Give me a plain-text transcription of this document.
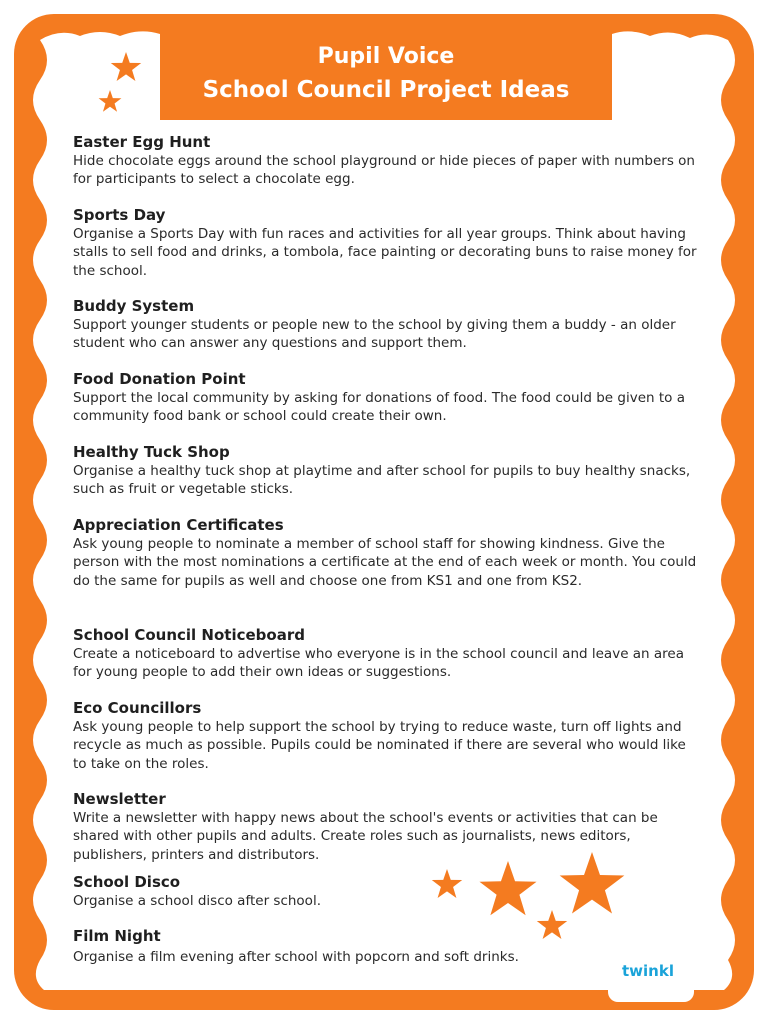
Pupil Voice
School Council Project Ideas

Easter Egg Hunt

Hide chocolate eggs around the school playground or hide pieces of paper with numbers on for participants to select a chocolate egg.

Sports Day

Organise a Sports Day with fun races and activities for all year groups. Think about having stalls to sell food and drinks, a tombola, face painting or decorating buns to raise money for the school.

Buddy System

Support younger students or people new to the school by giving them a buddy - an older student who can answer any questions and support them.

Food Donation Point

Support the local community by asking for donations of food. The food could be given to a community food bank or school could create their own.

Healthy Tuck Shop

Organise a healthy tuck shop at playtime and after school for pupils to buy healthy snacks, such as fruit or vegetable sticks.

Appreciation Certificates

Ask young people to nominate a member of school staff for showing kindness. Give the person with the most nominations a certificate at the end of each week or month. You could do the same for pupils as well and choose one from KS1 and one from KS2.

School Council Noticeboard

Create a noticeboard to advertise who everyone is in the school council and leave an area for young people to add their own ideas or suggestions.

Eco Councillors

Ask young people to help support the school by trying to reduce waste, turn off lights and recycle as much as possible. Pupils could be nominated if there are several who would like to take on the roles.

Newsletter

Write a newsletter with happy news about the school's events or activities that can be shared with other pupils and adults. Create roles such as journalists, news editors, publishers, printers and distributors.

School Disco

Organise a school disco after school.

Film Night

Organise a film evening after school with popcorn and soft drinks.

twinkl
